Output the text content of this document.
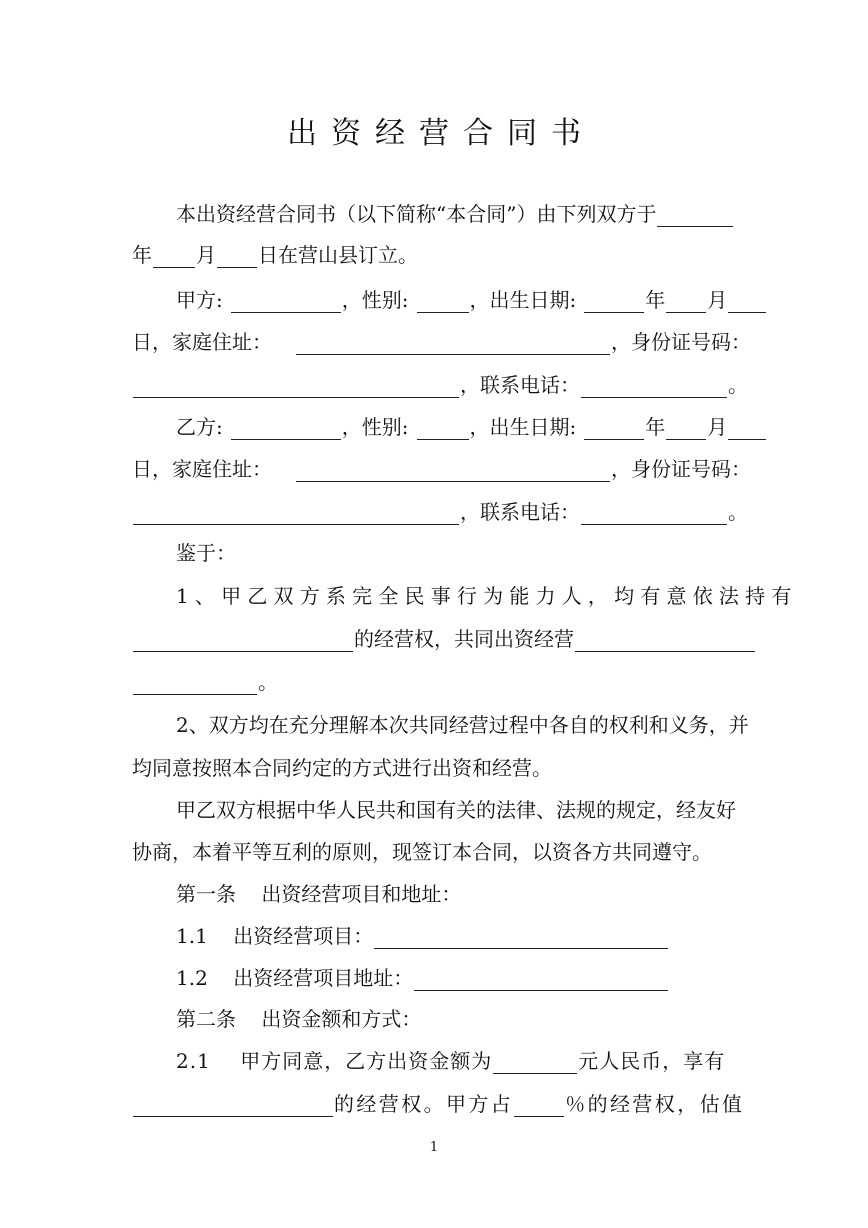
出资经营合同书
本出资经营合同书（以下简称“本合同”）由下列双方于
年 月 日在营山县订立。
甲方:	，性别:	，出生日期:	年 月
日，家庭住址：	，身份证号码：
，联系电话：	。
乙方:	，性别:	，出生日期:	年 月
日，家庭住址：	，身份证号码：
，联系电话：	。
鉴于：
1、甲乙双方系完全民事行为能力人，均有意依法持有
的经营权，共同出资经营
。
2、双方均在充分理解本次共同经营过程中各自的权利和义务，并
均同意按照本合同约定的方式进行出资和经营。
甲乙双方根据中华人民共和国有关的法律、法规的规定，经友好
协商，本着平等互利的原则，现签订本合同，以资各方共同遵守。
第一条    出资经营项目和地址：
1.1    出资经营项目：
1.2    出资经营项目地址：
第二条    出资金额和方式：
2.1    甲方同意，乙方出资金额为	元人民币，享有
的经营权。甲方占	％的经营权，估值
1
